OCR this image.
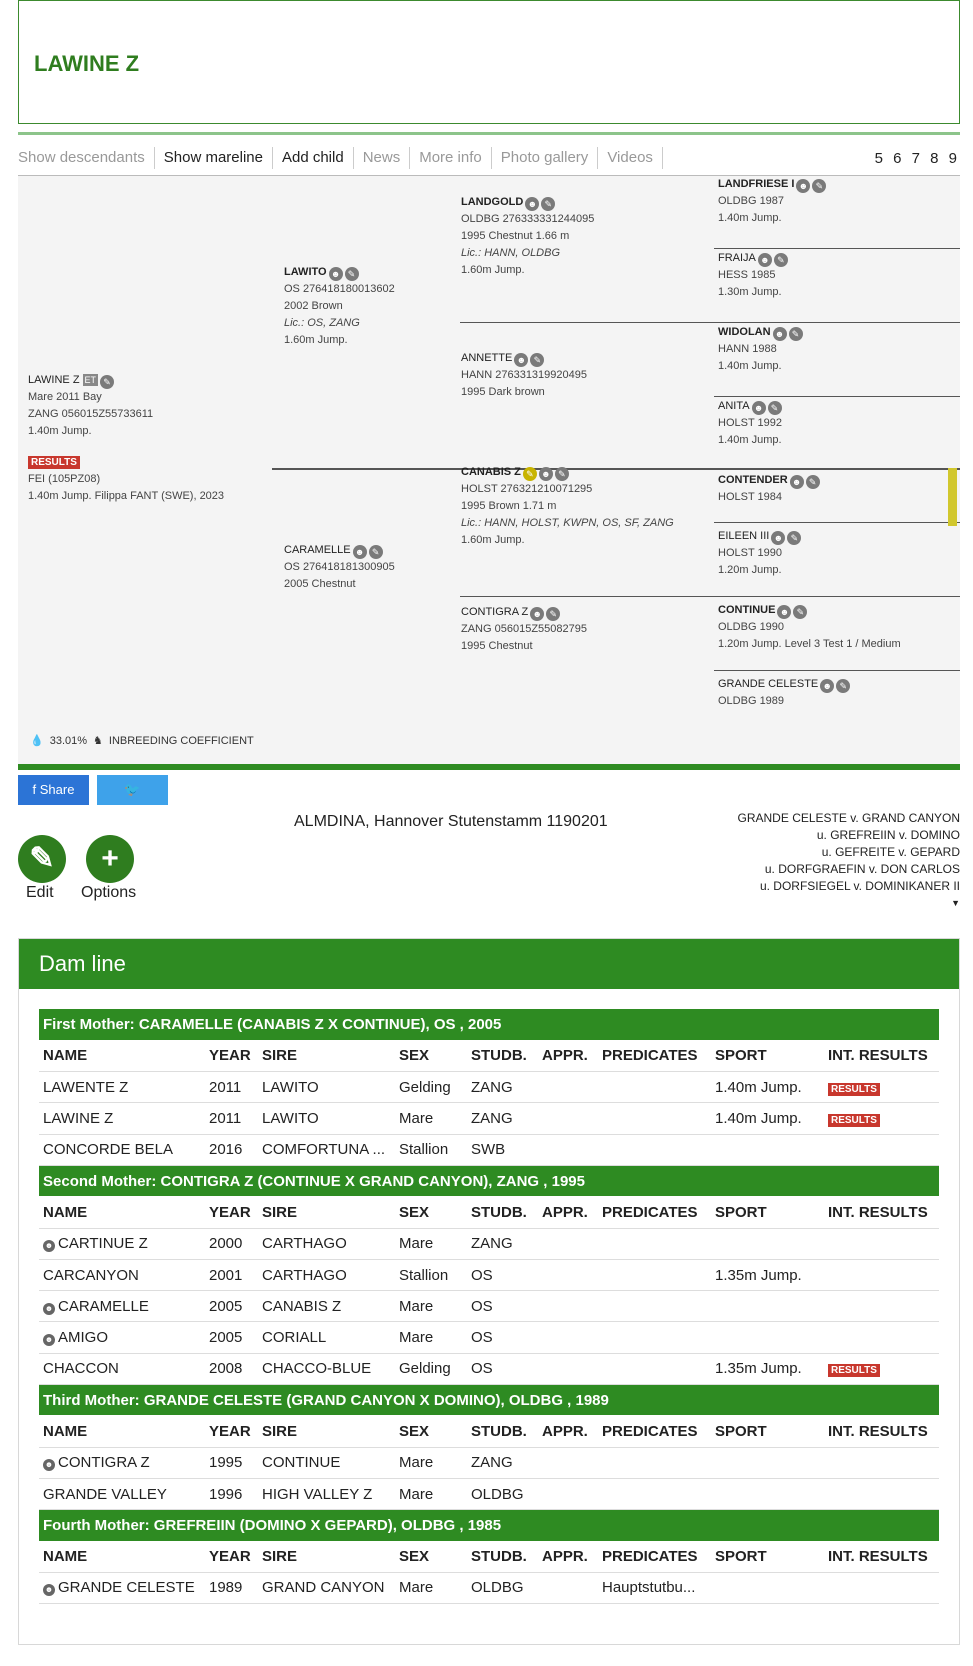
LAWINE Z
Show descendants	Show mareline	Add child	News	More info	Photo gallery	Videos	5 6 7 8 9
LAWINE Z ET ✎
Mare 2011 Bay
ZANG 056015Z55733611
1.40m Jump.
RESULTS
FEI (105PZ08)
1.40m Jump. Filippa FANT (SWE), 2023
LAWITO ☻ ✎
OS 276418180013602
2002 Brown
Lic.: OS, ZANG
1.60m Jump.
CARAMELLE ☻ ✎
OS 276418181300905
2005 Chestnut
LANDGOLD ☻ ✎
OLDBG 276333331244095
1995 Chestnut 1.66 m
Lic.: HANN, OLDBG
1.60m Jump.
ANNETTE ☻ ✎
HANN 276331319920495
1995 Dark brown
CANABIS Z ✎ ☻ ✎
HOLST 276321210071295
1995 Brown 1.71 m
Lic.: HANN, HOLST, KWPN, OS, SF, ZANG
1.60m Jump.
CONTIGRA Z ☻ ✎
ZANG 056015Z55082795
1995 Chestnut
LANDFRIESE I ☻ ✎
OLDBG 1987
1.40m Jump.
FRAIJA ☻ ✎
HESS 1985
1.30m Jump.
WIDOLAN ☻ ✎
HANN 1988
1.40m Jump.
ANITA ☻ ✎
HOLST 1992
1.40m Jump.
CONTENDER ☻ ✎
HOLST 1984
EILEEN III ☻ ✎
HOLST 1990
1.20m Jump.
CONTINUE ☻ ✎
OLDBG 1990
1.20m Jump. Level 3 Test 1 / Medium
GRANDE CELESTE ☻ ✎
OLDBG 1989
💧 33.01% ♞ INBREEDING COEFFICIENT
f Share	🐦 Share	ALMDINA, Hannover Stutenstamm 1190201	GRANDE CELESTE v. GRAND CANYON
u. GREFREIIN v. DOMINO
u. GEFREITE v. GEPARD
u. DORFGRAEFIN v. DON CARLOS
u. DORFSIEGEL v. DOMINIKANER II
▼
✎
Edit
+
Options
Dam line
First Mother: CARAMELLE (CANABIS Z X CONTINUE), OS , 2005								
NAME	YEAR	SIRE	SEX	STUDB.	APPR.	PREDICATES	SPORT	INT. RESULTS
LAWENTE Z	2011	LAWITO	Gelding	ZANG			1.40m Jump.	RESULTS
LAWINE Z	2011	LAWITO	Mare	ZANG			1.40m Jump.	RESULTS
CONCORDE BELA	2016	COMFORTUNA ...	Stallion	SWB				
Second Mother: CONTIGRA Z (CONTINUE X GRAND CANYON), ZANG , 1995								
NAME	YEAR	SIRE	SEX	STUDB.	APPR.	PREDICATES	SPORT	INT. RESULTS
☻ CARTINUE Z	2000	CARTHAGO	Mare	ZANG				
CARCANYON	2001	CARTHAGO	Stallion	OS			1.35m Jump.	
☻ CARAMELLE	2005	CANABIS Z	Mare	OS				
☻ AMIGO	2005	CORIALL	Mare	OS				
CHACCON	2008	CHACCO-BLUE	Gelding	OS			1.35m Jump.	RESULTS
Third Mother: GRANDE CELESTE (GRAND CANYON X DOMINO), OLDBG , 1989								
NAME	YEAR	SIRE	SEX	STUDB.	APPR.	PREDICATES	SPORT	INT. RESULTS
☻ CONTIGRA Z	1995	CONTINUE	Mare	ZANG				
GRANDE VALLEY	1996	HIGH VALLEY Z	Mare	OLDBG				
Fourth Mother: GREFREIIN (DOMINO X GEPARD), OLDBG , 1985								
NAME	YEAR	SIRE	SEX	STUDB.	APPR.	PREDICATES	SPORT	INT. RESULTS
☻ GRANDE CELESTE	1989	GRAND CANYON	Mare	OLDBG		Hauptstutbu...		
